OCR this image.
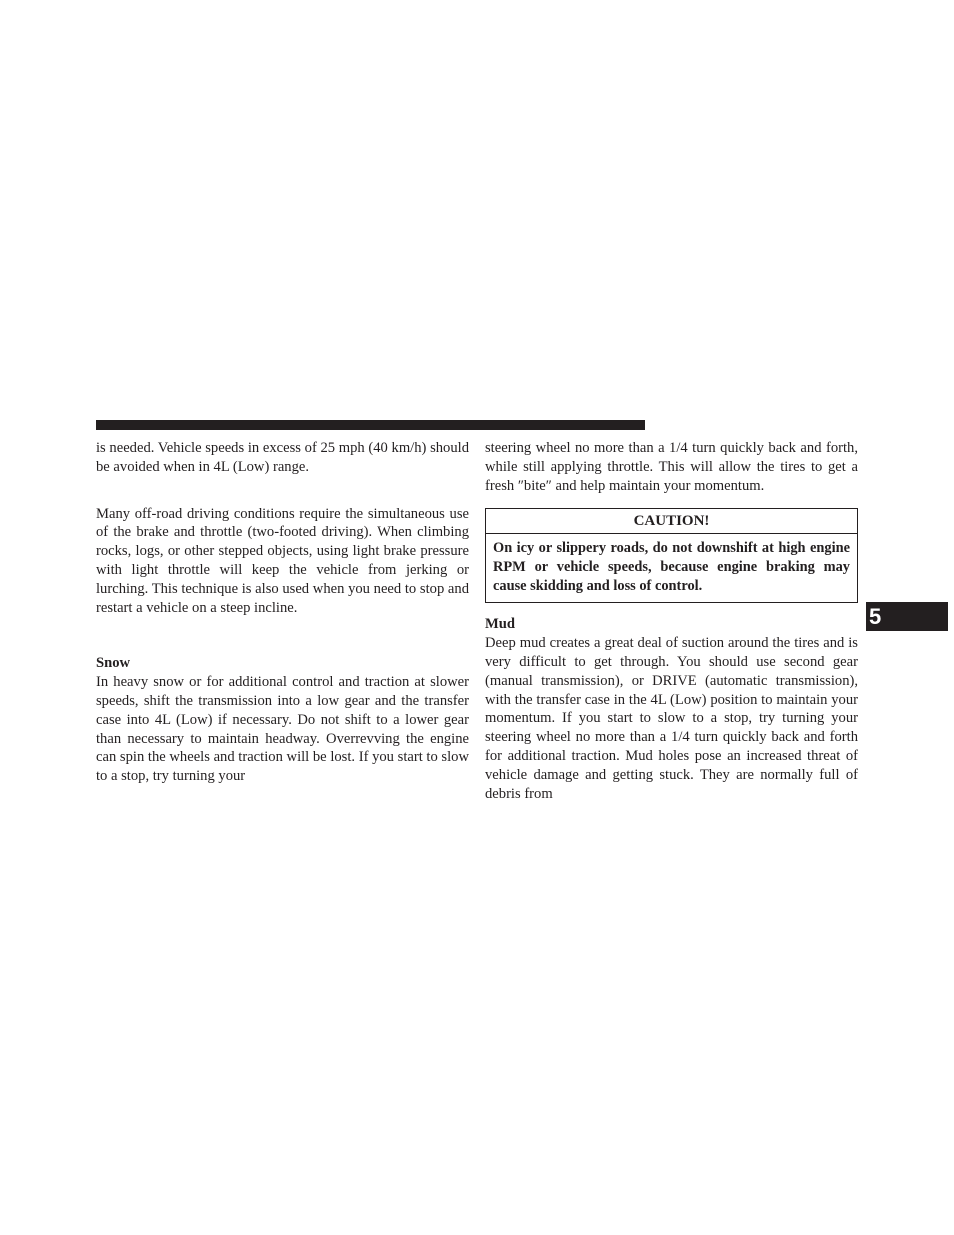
is needed. Vehicle speeds in excess of 25 mph (40 km/h) should be avoided when in 4L (Low) range.

Many off-road driving conditions require the simultaneous use of the brake and throttle (two-footed driving). When climbing rocks, logs, or other stepped objects, using light brake pressure with light throttle will keep the vehicle from jerking or lurching. This technique is also used when you need to stop and restart a vehicle on a steep incline.

Snow

In heavy snow or for additional control and traction at slower speeds, shift the transmission into a low gear and the transfer case into 4L (Low) if necessary. Do not shift to a lower gear than necessary to maintain headway. Overrevving the engine can spin the wheels and traction will be lost. If you start to slow to a stop, try turning your

steering wheel no more than a 1/4 turn quickly back and forth, while still applying throttle. This will allow the tires to get a fresh ″bite″ and help maintain your momentum.

CAUTION!
On icy or slippery roads, do not downshift at high engine RPM or vehicle speeds, because engine braking may cause skidding and loss of control.

Mud

Deep mud creates a great deal of suction around the tires and is very difficult to get through. You should use second gear (manual transmission), or DRIVE (automatic transmission), with the transfer case in the 4L (Low) position to maintain your momentum. If you start to slow to a stop, try turning your steering wheel no more than a 1/4 turn quickly back and forth for additional traction. Mud holes pose an increased threat of vehicle damage and getting stuck. They are normally full of debris from

5
